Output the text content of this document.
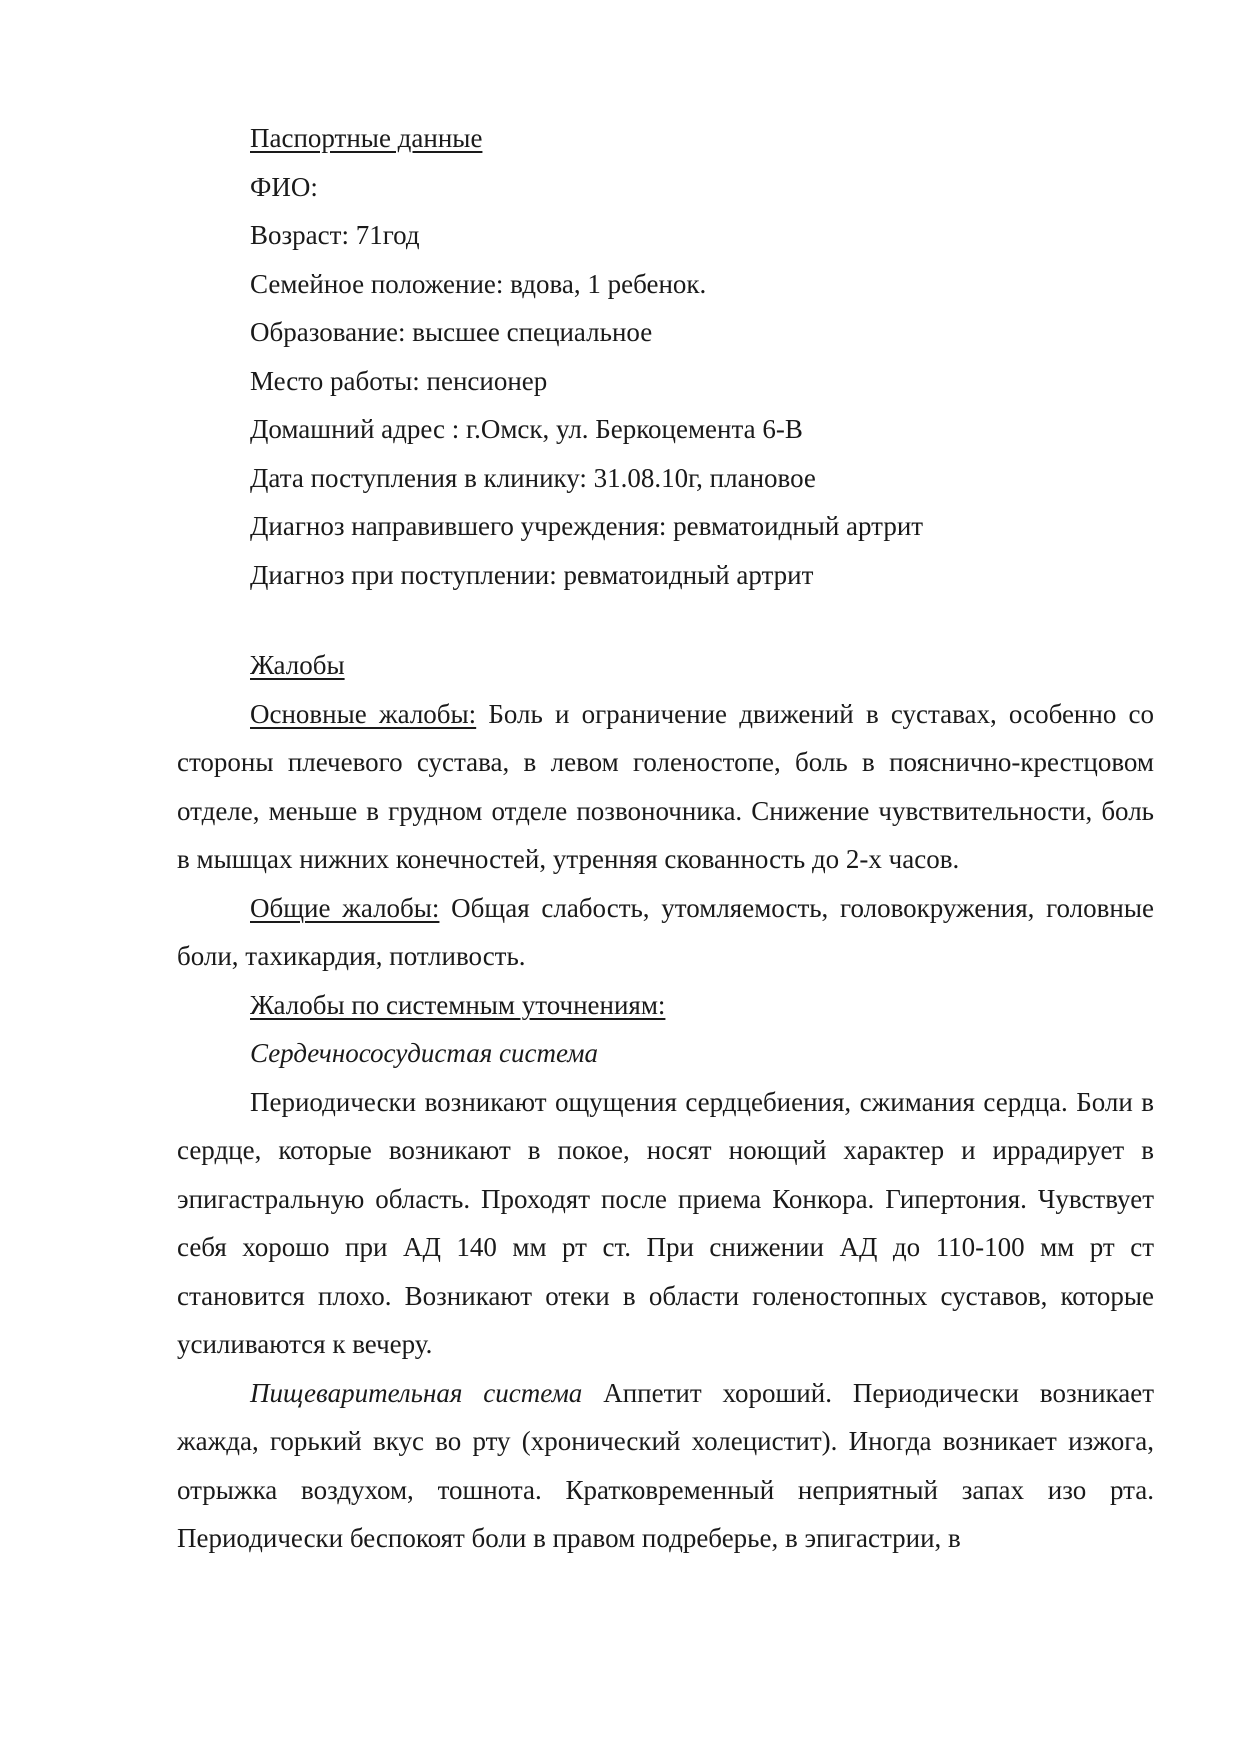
Паспортные данные

ФИО:

Возраст: 71год

Семейное положение: вдова, 1 ребенок.

Образование: высшее специальное

Место работы: пенсионер

Домашний адрес : г.Омск, ул. Беркоцемента 6-В

Дата поступления в клинику: 31.08.10г, плановое

Диагноз направившего учреждения: ревматоидный артрит

Диагноз при поступлении: ревматоидный артрит

Жалобы

Основные жалобы: Боль и ограничение движений в суставах, особенно со стороны плечевого сустава, в левом голеностопе, боль в пояснично-крестцовом отделе, меньше в грудном отделе позвоночника. Снижение чувствительности, боль в мышцах нижних конечностей, утренняя скованность до 2-х часов.

Общие жалобы: Общая слабость, утомляемость, головокружения, головные боли, тахикардия, потливость.

Жалобы по системным уточнениям:

Сердечнососудистая система

Периодически возникают ощущения сердцебиения, сжимания сердца. Боли в сердце, которые возникают в покое, носят ноющий характер и иррадирует в эпигастральную область. Проходят после приема Конкора. Гипертония. Чувствует себя хорошо при АД 140 мм рт ст. При снижении АД до 110-100 мм рт ст становится плохо. Возникают отеки в области голеностопных суставов, которые усиливаются к вечеру.

Пищеварительная система Аппетит хороший. Периодически возникает жажда, горький вкус во рту (хронический холецистит). Иногда возникает изжога, отрыжка воздухом, тошнота. Кратковременный неприятный запах изо рта. Периодически беспокоят боли в правом подреберье, в эпигастрии, в
